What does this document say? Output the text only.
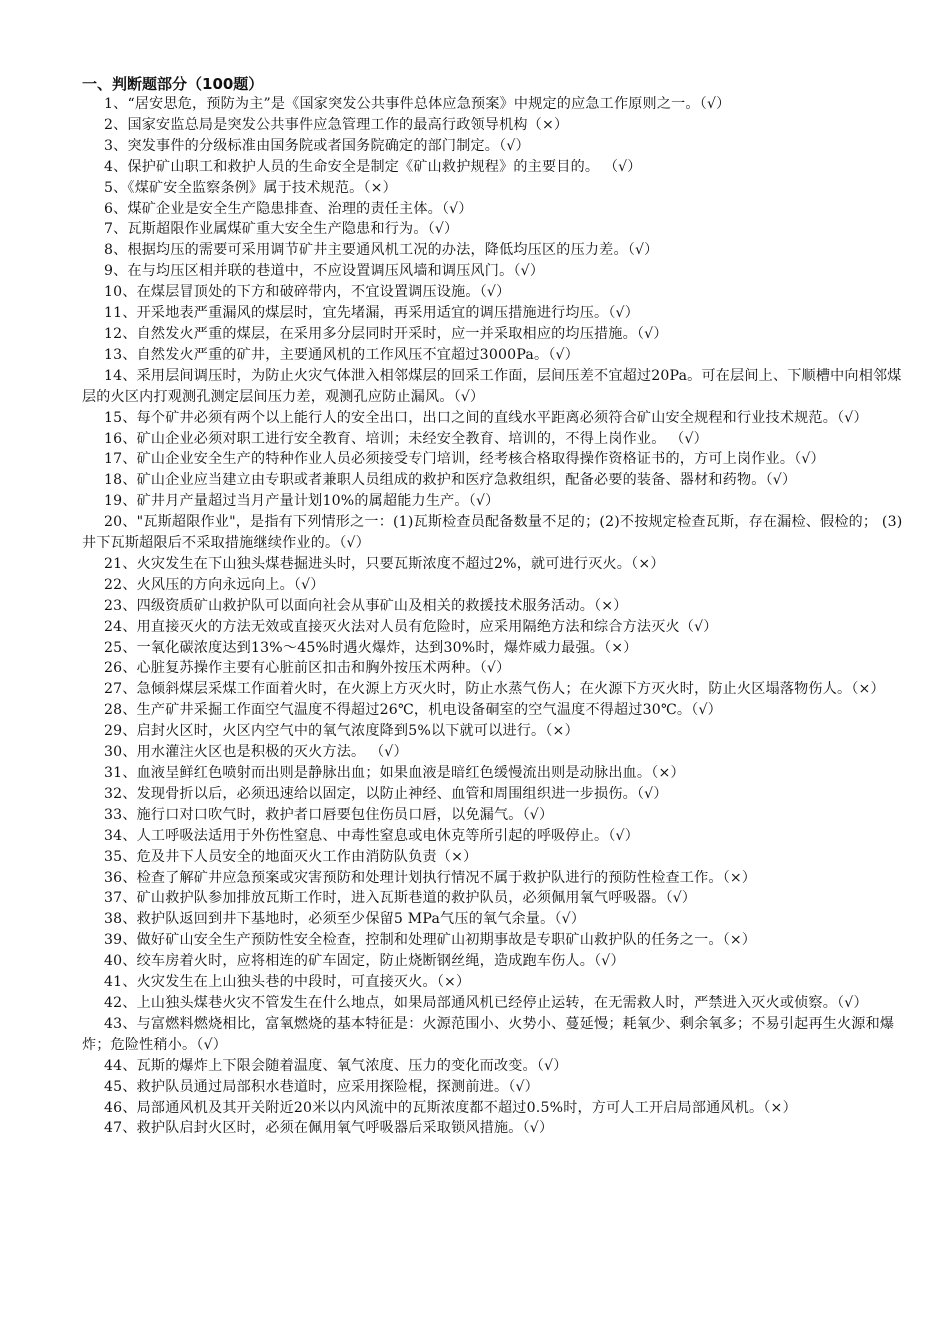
一、判断题部分（100题）

1、“居安思危，预防为主”是《国家突发公共事件总体应急预案》中规定的应急工作原则之一。（√）

2、国家安监总局是突发公共事件应急管理工作的最高行政领导机构（×）

3、突发事件的分级标准由国务院或者国务院确定的部门制定。（√）

4、保护矿山职工和救护人员的生命安全是制定《矿山救护规程》的主要目的。 （√）

5、《煤矿安全监察条例》属于技术规范。（×）

6、煤矿企业是安全生产隐患排查、治理的责任主体。（√）

7、瓦斯超限作业属煤矿重大安全生产隐患和行为。（√）

8、根据均压的需要可采用调节矿井主要通风机工况的办法，降低均压区的压力差。（√）

9、在与均压区相并联的巷道中，不应设置调压风墙和调压风门。（√）

10、在煤层冒顶处的下方和破碎带内，不宜设置调压设施。（√）

11、开采地表严重漏风的煤层时，宜先堵漏，再采用适宜的调压措施进行均压。（√）

12、自然发火严重的煤层，在采用多分层同时开采时，应一并采取相应的均压措施。（√）

13、自然发火严重的矿井，主要通风机的工作风压不宜超过3000Pa。（√）

14、采用层间调压时，为防止火灾气体泄入相邻煤层的回采工作面，层间压差不宜超过20Pa。可在层间上、下顺槽中向相邻煤层的火区内打观测孔测定层间压力差，观测孔应防止漏风。（√）

15、每个矿井必须有两个以上能行人的安全出口，出口之间的直线水平距离必须符合矿山安全规程和行业技术规范。（√）

16、矿山企业必须对职工进行安全教育、培训；未经安全教育、培训的，不得上岗作业。 （√）

17、矿山企业安全生产的特种作业人员必须接受专门培训，经考核合格取得操作资格证书的，方可上岗作业。（√）

18、矿山企业应当建立由专职或者兼职人员组成的救护和医疗急救组织，配备必要的装备、器材和药物。（√）

19、矿井月产量超过当月产量计划10%的属超能力生产。（√）

20、"瓦斯超限作业"，是指有下列情形之一：(1)瓦斯检查员配备数量不足的；(2)不按规定检查瓦斯，存在漏检、假检的； (3)井下瓦斯超限后不采取措施继续作业的。（√）

21、火灾发生在下山独头煤巷掘进头时，只要瓦斯浓度不超过2%，就可进行灭火。（×）

22、火风压的方向永远向上。（√）

23、四级资质矿山救护队可以面向社会从事矿山及相关的救援技术服务活动。（×）

24、用直接灭火的方法无效或直接灭火法对人员有危险时，应采用隔绝方法和综合方法灭火（√）

25、一氧化碳浓度达到13%～45%时遇火爆炸，达到30%时，爆炸威力最强。（×）

26、心脏复苏操作主要有心脏前区扣击和胸外按压术两种。（√）

27、急倾斜煤层采煤工作面着火时，在火源上方灭火时，防止水蒸气伤人；在火源下方灭火时，防止火区塌落物伤人。（×）

28、生产矿井采掘工作面空气温度不得超过26℃，机电设备硐室的空气温度不得超过30℃。（√）

29、启封火区时，火区内空气中的氧气浓度降到5%以下就可以进行。（×）

30、用水灌注火区也是积极的灭火方法。 （√）

31、血液呈鲜红色喷射而出则是静脉出血；如果血液是暗红色缓慢流出则是动脉出血。（×）

32、发现骨折以后，必须迅速给以固定，以防止神经、血管和周围组织进一步损伤。（√）

33、施行口对口吹气时，救护者口唇要包住伤员口唇，以免漏气。（√）

34、人工呼吸法适用于外伤性窒息、中毒性窒息或电休克等所引起的呼吸停止。（√）

35、危及井下人员安全的地面灭火工作由消防队负责（×）

36、检查了解矿井应急预案或灾害预防和处理计划执行情况不属于救护队进行的预防性检查工作。（×）

37、矿山救护队参加排放瓦斯工作时，进入瓦斯巷道的救护队员，必须佩用氧气呼吸器。（√）

38、救护队返回到井下基地时，必须至少保留5 MPa气压的氧气余量。（√）

39、做好矿山安全生产预防性安全检查，控制和处理矿山初期事故是专职矿山救护队的任务之一。（×）

40、绞车房着火时，应将相连的矿车固定，防止烧断钢丝绳，造成跑车伤人。（√）

41、火灾发生在上山独头巷的中段时，可直接灭火。（×）

42、上山独头煤巷火灾不管发生在什么地点，如果局部通风机已经停止运转，在无需救人时，严禁进入灭火或侦察。（√）

43、与富燃料燃烧相比，富氧燃烧的基本特征是：火源范围小、火势小、蔓延慢；耗氧少、剩余氧多；不易引起再生火源和爆炸；危险性稍小。（√）

44、瓦斯的爆炸上下限会随着温度、氧气浓度、压力的变化而改变。（√）

45、救护队员通过局部积水巷道时，应采用探险棍，探测前进。（√）

46、局部通风机及其开关附近20米以内风流中的瓦斯浓度都不超过0.5%时，方可人工开启局部通风机。（×）

47、救护队启封火区时，必须在佩用氧气呼吸器后采取锁风措施。（√）
